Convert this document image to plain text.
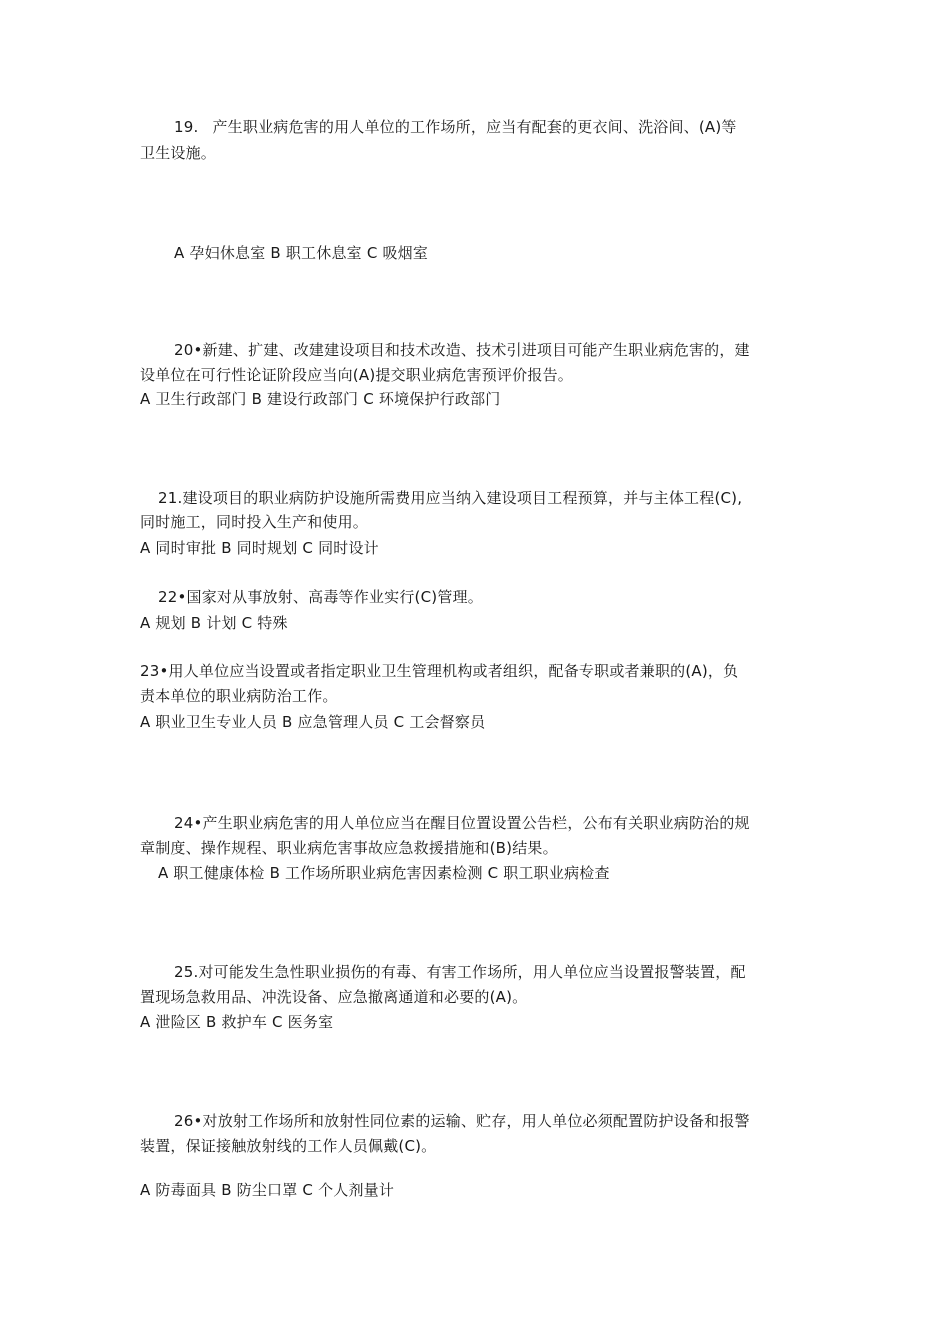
19. 产生职业病危害的用人单位的工作场所，应当有配套的更衣间、洗浴间、(A)等
卫生设施。
A 孕妇休息室 B 职工休息室 C 吸烟室
20•新建、扩建、改建建设项目和技术改造、技术引进项目可能产生职业病危害的，建
设单位在可行性论证阶段应当向(A)提交职业病危害预评价报告。
A 卫生行政部门 B 建设行政部门 C 环境保护行政部门
21.建设项目的职业病防护设施所需费用应当纳入建设项目工程预算，并与主体工程(C),
同时施工，同时投入生产和使用。
A 同时审批 B 同时规划 C 同时设计
22•国家对从事放射、高毒等作业实行(C)管理。
A 规划 B 计划 C 特殊
23•用人单位应当设置或者指定职业卫生管理机构或者组织，配备专职或者兼职的(A)，负
责本单位的职业病防治工作。
A 职业卫生专业人员 B 应急管理人员 C 工会督察员
24•产生职业病危害的用人单位应当在醒目位置设置公告栏，公布有关职业病防治的规
章制度、操作规程、职业病危害事故应急救援措施和(B)结果。
A 职工健康体检 B 工作场所职业病危害因素检测 C 职工职业病检查
25.对可能发生急性职业损伤的有毒、有害工作场所，用人单位应当设置报警装置，配
置现场急救用品、冲洗设备、应急撤离通道和必要的(A)。
A 泄险区 B 救护车 C 医务室
26•对放射工作场所和放射性同位素的运输、贮存，用人单位必须配置防护设备和报警
装置，保证接触放射线的工作人员佩戴(C)。
A 防毒面具 B 防尘口罩 C 个人剂量计
